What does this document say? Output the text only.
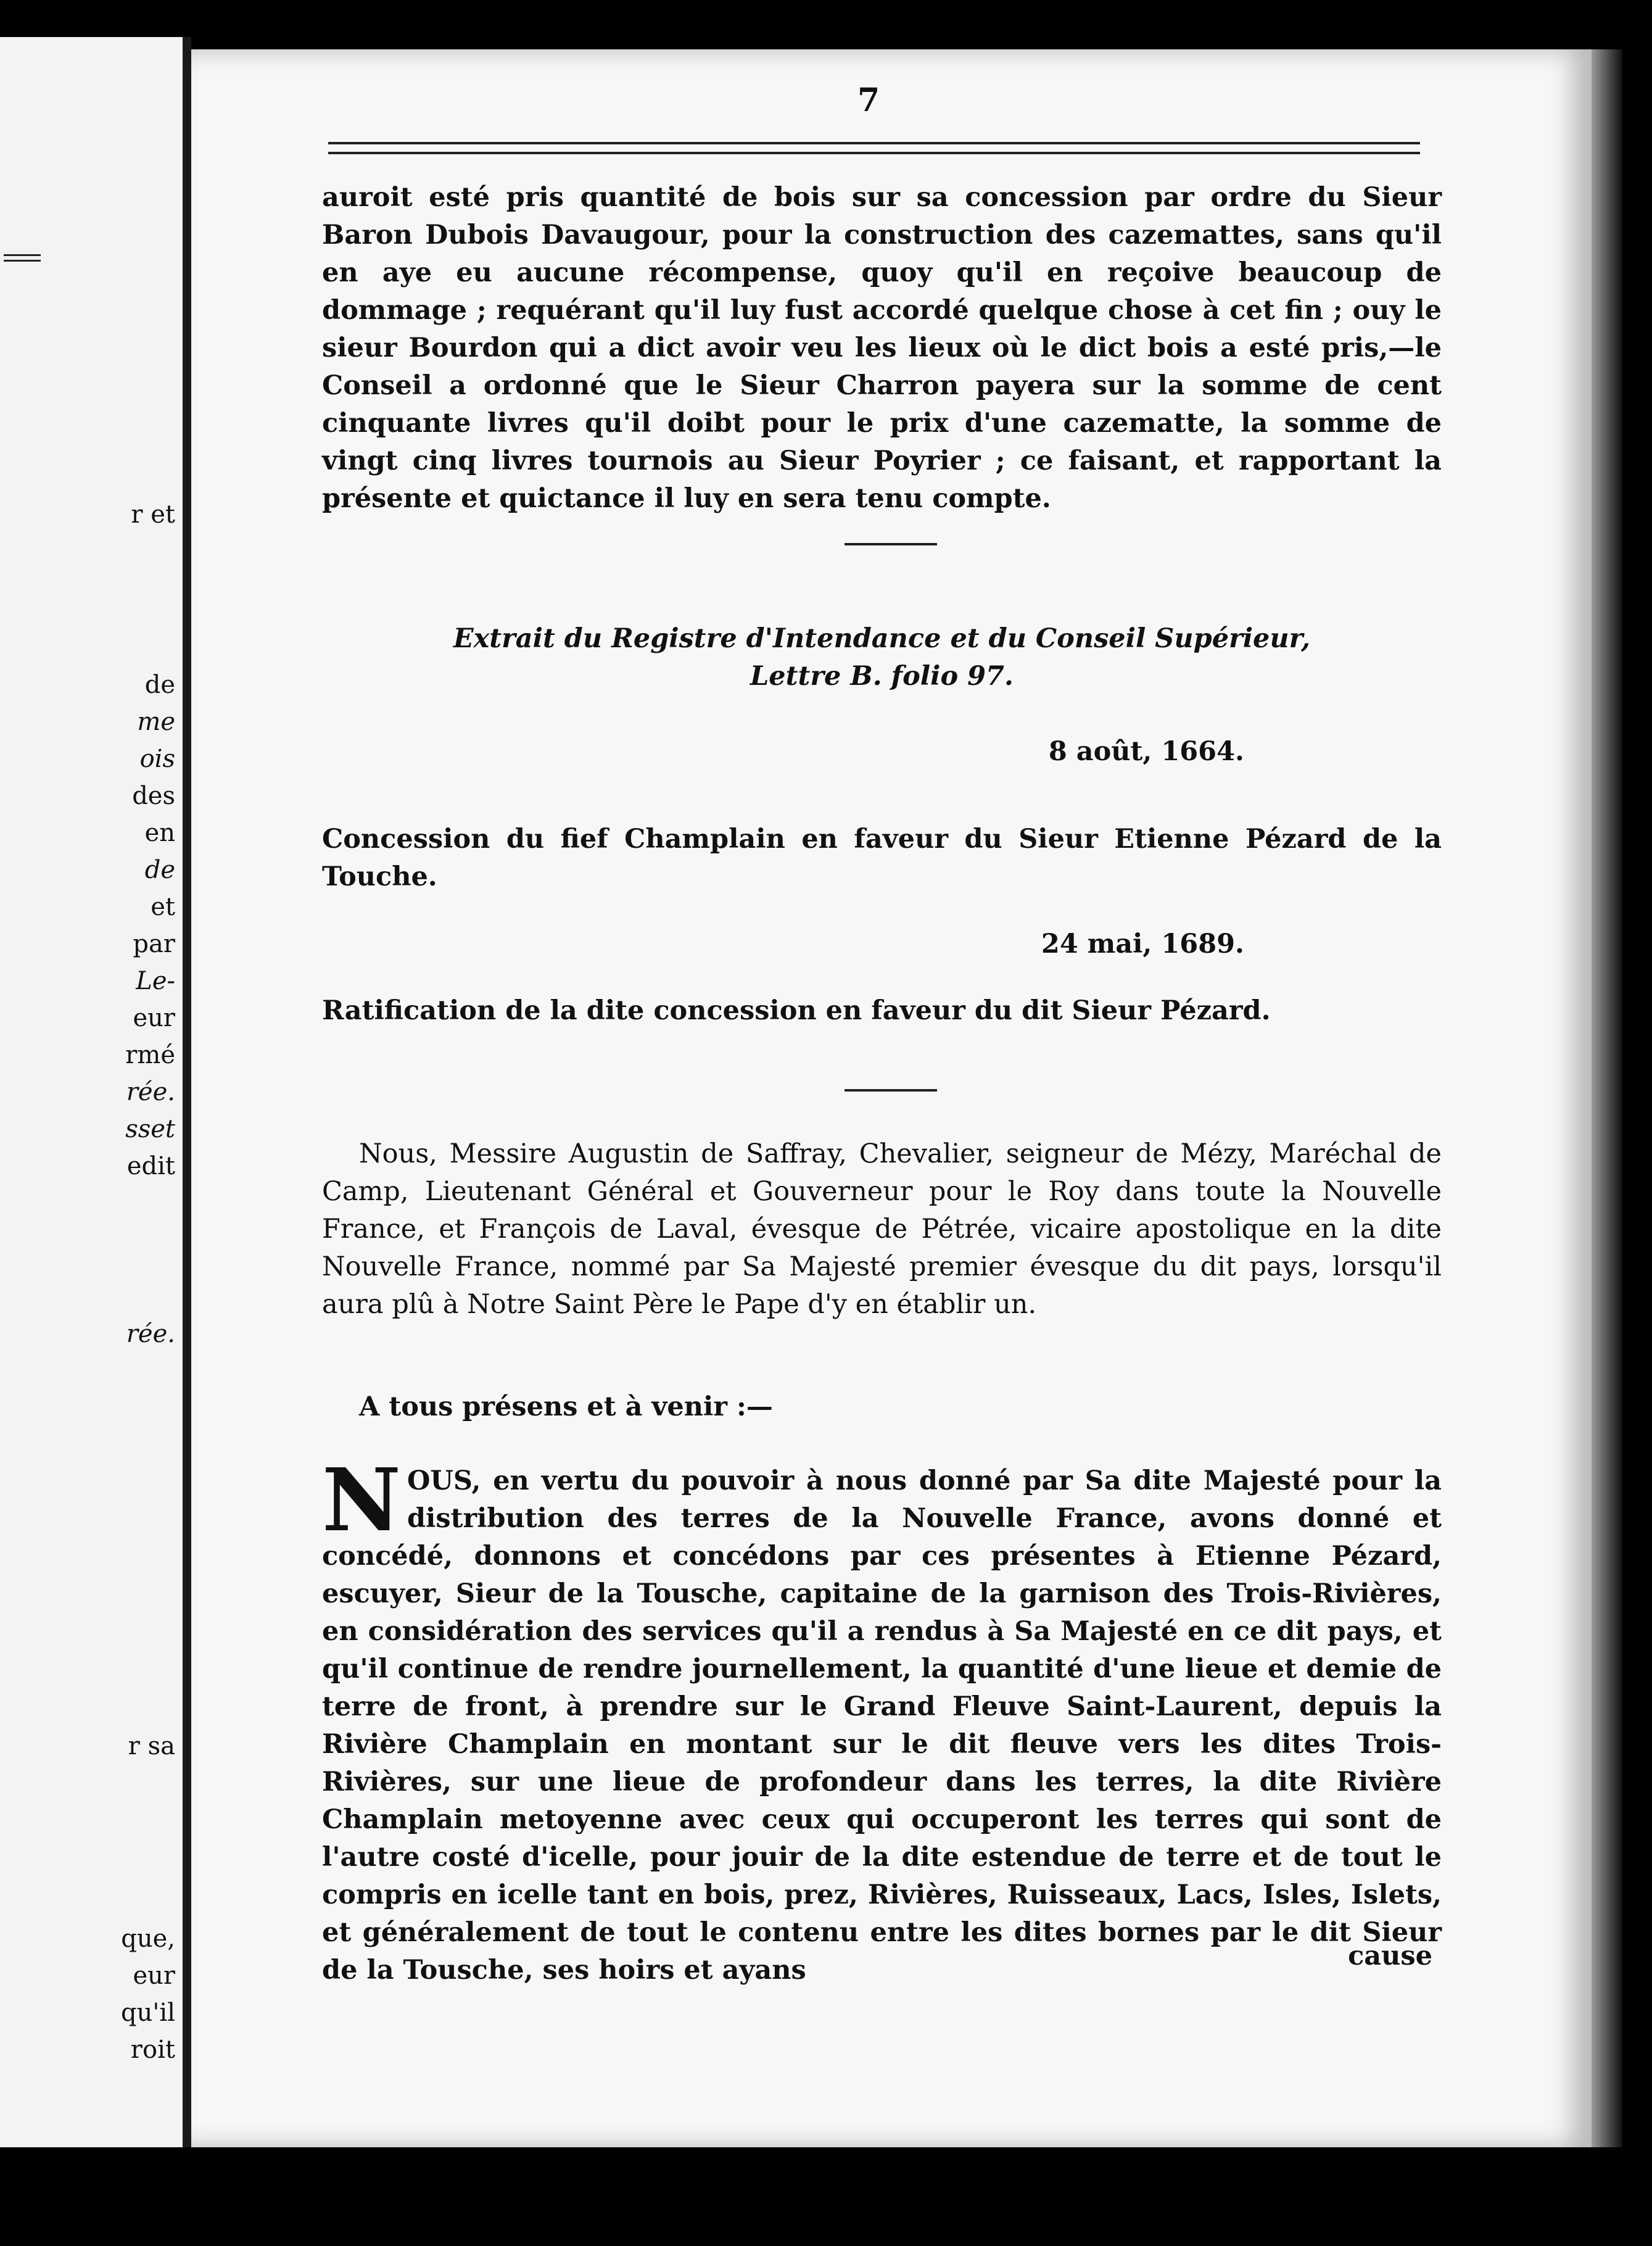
r et
de
me
ois
des
en
de
et
par
Le-
eur
rmé
rée.
sset
edit
rée.
r sa
que,
eur
qu'il
roit
7

auroit esté pris quantité de bois sur sa concession par ordre du Sieur Baron Dubois Davaugour, pour la construction des cazemattes, sans qu'il en aye eu aucune récompense, quoy qu'il en reçoive beaucoup de dommage ; requérant qu'il luy fust accordé quelque chose à cet fin ; ouy le sieur Bourdon qui a dict avoir veu les lieux où le dict bois a esté pris,—le Conseil a ordonné que le Sieur Charron payera sur la somme de cent cinquante livres qu'il doibt pour le prix d'une cazematte, la somme de vingt cinq livres tournois au Sieur Poyrier ; ce faisant, et rapportant la présente et quictance il luy en sera tenu compte.

Extrait du Registre d'Intendance et du Conseil Supérieur,
Lettre B. folio 97.
8 août, 1664.
Concession du fief Champlain en faveur du Sieur Etienne Pézard de la Touche.
24 mai, 1689.
Ratification de la dite concession en faveur du dit Sieur Pézard.

Nous, Messire Augustin de Saffray, Chevalier, seigneur de Mézy, Maréchal de Camp, Lieutenant Général et Gouverneur pour le Roy dans toute la Nouvelle France, et François de Laval, évesque de Pétrée, vicaire apostolique en la dite Nouvelle France, nommé par Sa Majesté premier évesque du dit pays, lorsqu'il aura plû à Notre Saint Père le Pape d'y en établir un.

A tous présens et à venir :—
N OUS, en vertu du pouvoir à nous donné par Sa dite Majesté pour la distribution des terres de la Nouvelle France, avons donné et concédé, donnons et concédons par ces présentes à Etienne Pézard, escuyer, Sieur de la Tousche, capitaine de la garnison des Trois-Rivières, en considération des services qu'il a rendus à Sa Majesté en ce dit pays, et qu'il continue de rendre journellement, la quantité d'une lieue et demie de terre de front, à prendre sur le Grand Fleuve Saint-Laurent, depuis la Rivière Champlain en montant sur le dit fleuve vers les dites Trois-Rivières, sur une lieue de profondeur dans les terres, la dite Rivière Champlain metoyenne avec ceux qui occuperont les terres qui sont de l'autre costé d'icelle, pour jouir de la dite estendue de terre et de tout le compris en icelle tant en bois, prez, Rivières, Ruisseaux, Lacs, Isles, Islets, et généralement de tout le contenu entre les dites bornes par le dit Sieur de la Tousche, ses hoirs et ayans	cause
